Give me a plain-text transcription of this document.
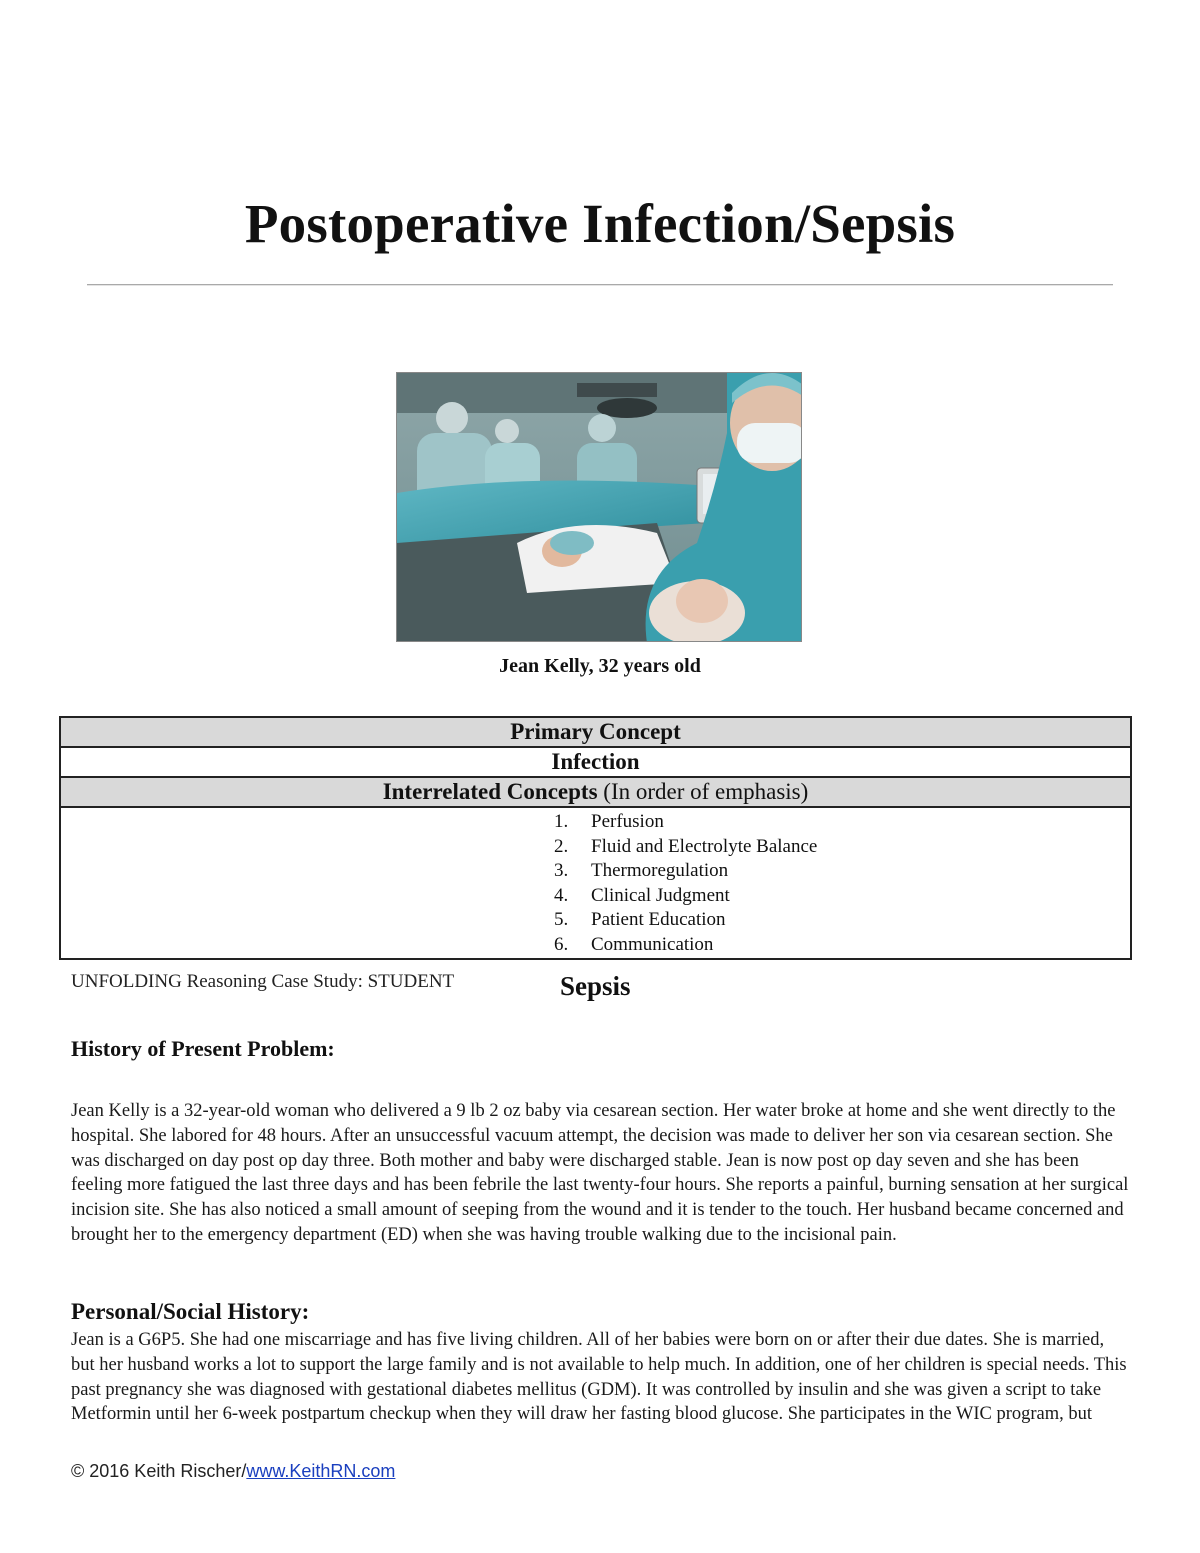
Postoperative Infection/Sepsis
Jean Kelly, 32 years old
Primary Concept
Infection
Interrelated Concepts (In order of emphasis)

1.	Perfusion
2.	Fluid and Electrolyte Balance
3.	Thermoregulation
4.	Clinical Judgment
5.	Patient Education
6.	Communication
UNFOLDING Reasoning Case Study: STUDENT	Sepsis
History of Present Problem:
Jean Kelly is a 32-year-old woman who delivered a 9 lb 2 oz baby via cesarean section. Her water broke at home and she went directly to the hospital. She labored for 48 hours. After an unsuccessful vacuum attempt, the decision was made to deliver her son via cesarean section. She was discharged on day post op day three. Both mother and baby were discharged stable. Jean is now post op day seven and she has been feeling more fatigued the last three days and has been febrile the last twenty-four hours. She reports a painful, burning sensation at her surgical incision site. She has also noticed a small amount of seeping from the wound and it is tender to the touch. Her husband became concerned and brought her to the emergency department (ED) when she was having trouble walking due to the incisional pain.
Personal/Social History:
Jean is a G6P5. She had one miscarriage and has five living children. All of her babies were born on or after their due dates. She is married, but her husband works a lot to support the large family and is not available to help much. In addition, one of her children is special needs. This past pregnancy she was diagnosed with gestational diabetes mellitus (GDM). It was controlled by insulin and she was given a script to take Metformin until her 6-week postpartum checkup when they will draw her fasting blood glucose. She participates in the WIC program, but
© 2016 Keith Rischer/www.KeithRN.com
